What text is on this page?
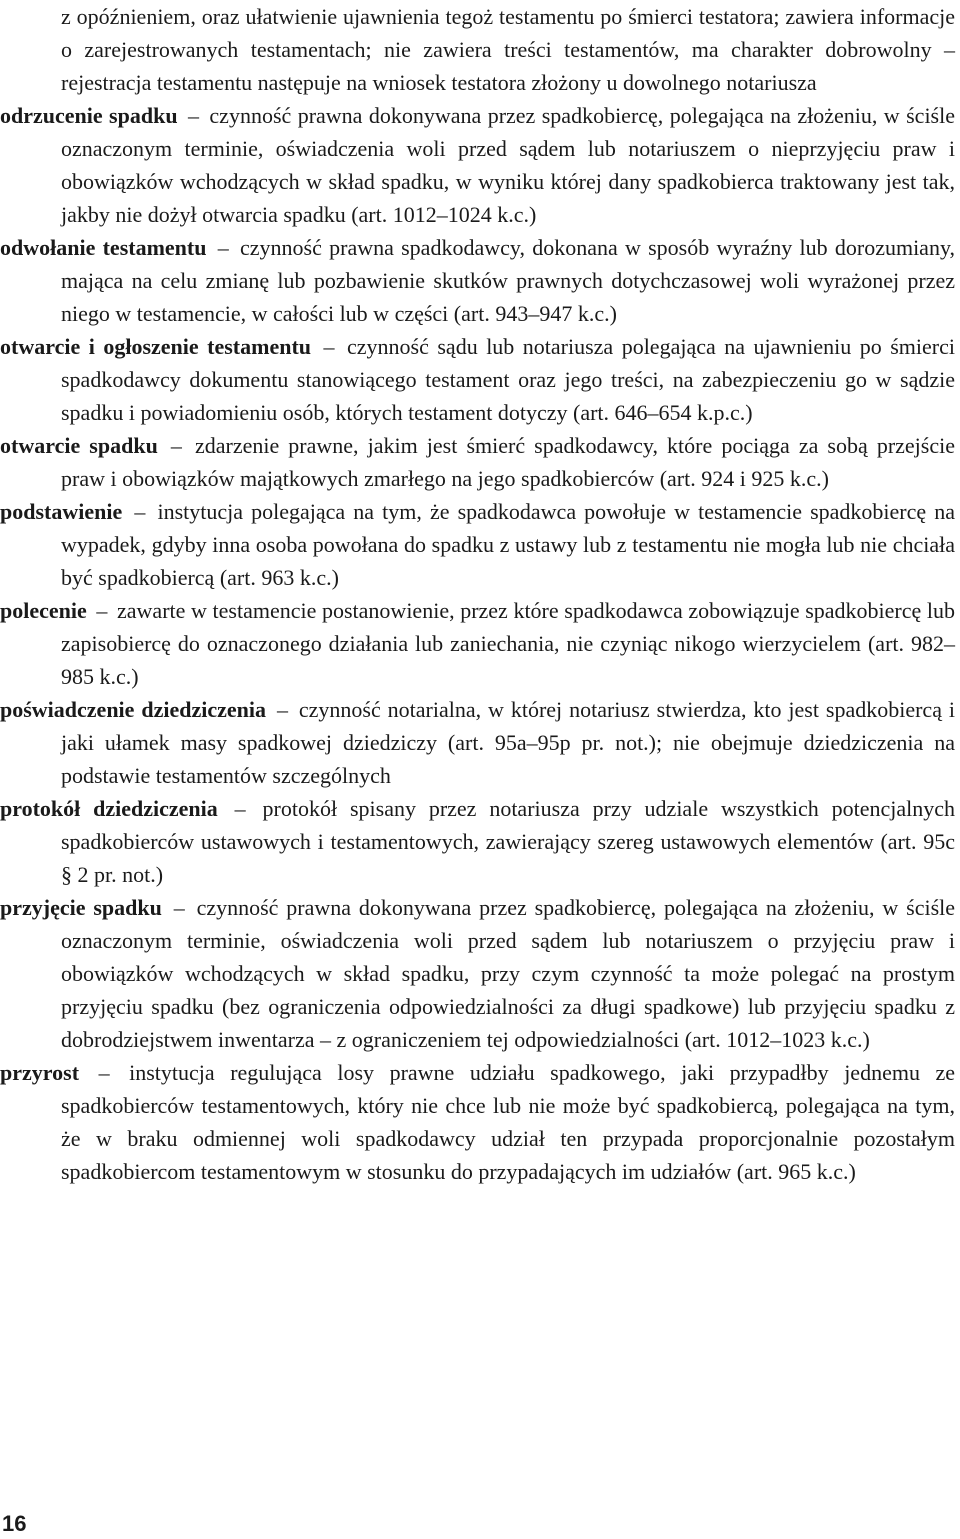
z opóźnieniem, oraz ułatwienie ujawnienia tegoż testamentu po śmierci testatora; zawiera informacje o zarejestrowanych testamentach; nie zawiera treści testamentów, ma charakter dobrowolny – rejestracja testamentu następuje na wniosek testatora złożony u dowolnego notariusza

odrzucenie spadku – czynność prawna dokonywana przez spadkobiercę, polegająca na złożeniu, w ściśle oznaczonym terminie, oświadczenia woli przed sądem lub notariuszem o nieprzyjęciu praw i obowiązków wchodzących w skład spadku, w wyniku której dany spadkobierca traktowany jest tak, jakby nie dożył otwarcia spadku (art. 1012–1024 k.c.)

odwołanie testamentu – czynność prawna spadkodawcy, dokonana w sposób wyraźny lub dorozumiany, mająca na celu zmianę lub pozbawienie skutków prawnych dotychczasowej woli wyrażonej przez niego w testamencie, w całości lub w części (art. 943–947 k.c.)

otwarcie i ogłoszenie testamentu – czynność sądu lub notariusza polegająca na ujawnieniu po śmierci spadkodawcy dokumentu stanowiącego testament oraz jego treści, na zabezpieczeniu go w sądzie spadku i powiadomieniu osób, których testament dotyczy (art. 646–654 k.p.c.)

otwarcie spadku – zdarzenie prawne, jakim jest śmierć spadkodawcy, które pociąga za sobą przejście praw i obowiązków majątkowych zmarłego na jego spadkobierców (art. 924 i 925 k.c.)

podstawienie – instytucja polegająca na tym, że spadkodawca powołuje w testamencie spadkobiercę na wypadek, gdyby inna osoba powołana do spadku z ustawy lub z testamentu nie mogła lub nie chciała być spadkobiercą (art. 963 k.c.)

polecenie – zawarte w testamencie postanowienie, przez które spadkodawca zobowiązuje spadkobiercę lub zapisobiercę do oznaczonego działania lub zaniechania, nie czyniąc nikogo wierzycielem (art. 982–985 k.c.)

poświadczenie dziedziczenia – czynność notarialna, w której notariusz stwierdza, kto jest spadkobiercą i jaki ułamek masy spadkowej dziedziczy (art. 95a–95p pr. not.); nie obejmuje dziedziczenia na podstawie testamentów szczególnych

protokół dziedziczenia – protokół spisany przez notariusza przy udziale wszystkich potencjalnych spadkobierców ustawowych i testamentowych, zawierający szereg ustawowych elementów (art. 95c § 2 pr. not.)

przyjęcie spadku – czynność prawna dokonywana przez spadkobiercę, polegająca na złożeniu, w ściśle oznaczonym terminie, oświadczenia woli przed sądem lub notariuszem o przyjęciu praw i obowiązków wchodzących w skład spadku, przy czym czynność ta może polegać na prostym przyjęciu spadku (bez ograniczenia odpowiedzialności za długi spadkowe) lub przyjęciu spadku z dobrodziejstwem inwentarza – z ograniczeniem tej odpowiedzialności (art. 1012–1023 k.c.)

przyrost – instytucja regulująca losy prawne udziału spadkowego, jaki przypadłby jednemu ze spadkobierców testamentowych, który nie chce lub nie może być spadkobiercą, polegająca na tym, że w braku odmiennej woli spadkodawcy udział ten przypada proporcjonalnie pozostałym spadkobiercom testamentowym w stosunku do przypadających im udziałów (art. 965 k.c.)

16
